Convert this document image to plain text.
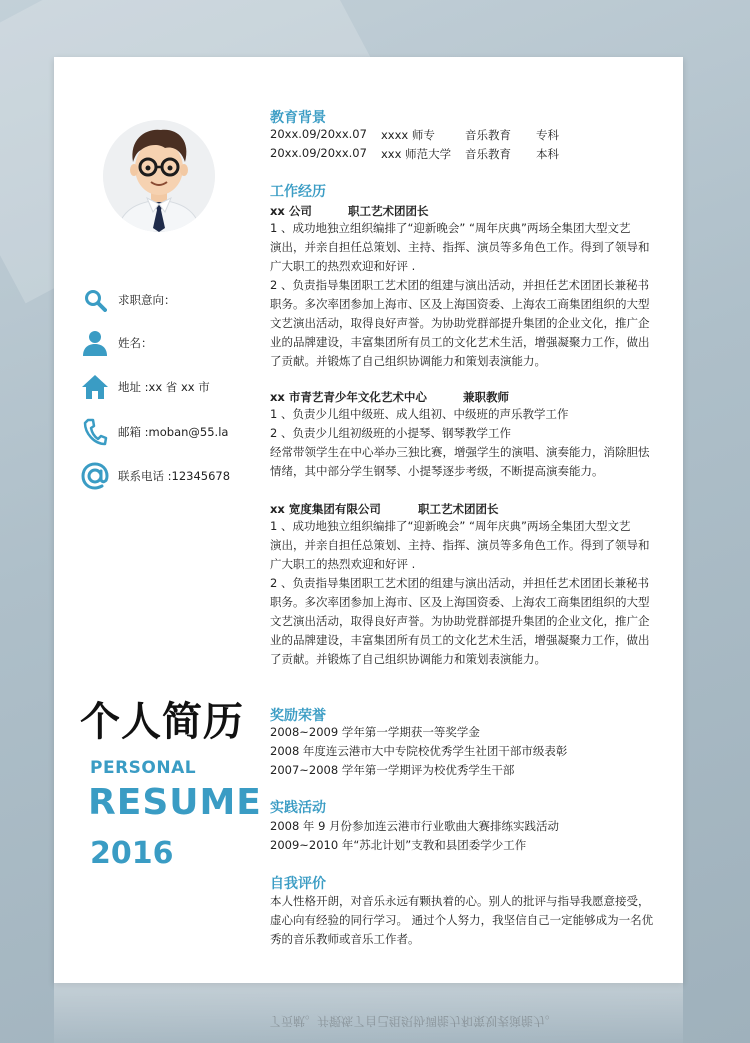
求职意向：
姓名：
地址 :xx 省 xx 市
邮箱 :moban@55.la
联系电话 :12345678
个人简历
PERSONAL
RESUME
2016
教育背景
20xx.09/20xx.07 xxxx 师专	音乐教育 专科
20xx.09/20xx.07 xxx 师范大学 音乐教育 本科
工作经历
xx 公司	职工艺术团团长
1 、成功地独立组织编排了“迎新晚会” “周年庆典”两场全集团大型文艺
演出，并亲自担任总策划、主持、指挥、演员等多角色工作。得到了领导和
广大职工的热烈欢迎和好评 .
2 、负责指导集团职工艺术团的组建与演出活动，并担任艺术团团长兼秘书
职务。多次率团参加上海市、区及上海国资委、上海农工商集团组织的大型
文艺演出活动，取得良好声誉。为协助党群部提升集团的企业文化，推广企
业的品牌建设，丰富集团所有员工的文化艺术生活，增强凝聚力工作，做出
了贡献。并锻炼了自己组织协调能力和策划表演能力。
xx 市青艺青少年文化艺术中心	兼职教师
1 、负责少儿组中级班、成人组初、中级班的声乐教学工作
2 、负责少儿组初级班的小提琴、钢琴教学工作
经常带领学生在中心举办三独比赛，增强学生的演唱、演奏能力，消除胆怯
情绪，其中部分学生钢琴、小提琴逐步考级，不断提高演奏能力。
xx 宽度集团有限公司	职工艺术团团长
1 、成功地独立组织编排了“迎新晚会” “周年庆典”两场全集团大型文艺
演出，并亲自担任总策划、主持、指挥、演员等多角色工作。得到了领导和
广大职工的热烈欢迎和好评 .
2 、负责指导集团职工艺术团的组建与演出活动，并担任艺术团团长兼秘书
职务。多次率团参加上海市、区及上海国资委、上海农工商集团组织的大型
文艺演出活动，取得良好声誉。为协助党群部提升集团的企业文化，推广企
业的品牌建设，丰富集团所有员工的文化艺术生活，增强凝聚力工作，做出
了贡献。并锻炼了自己组织协调能力和策划表演能力。
奖励荣誉
2008~2009 学年第一学期获一等奖学金
2008 年度连云港市大中专院校优秀学生社团干部市级表彰
2007~2008 学年第一学期评为校优秀学生干部
实践活动
2008 年 9 月份参加连云港市行业歌曲大赛排练实践活动
2009~2010 年“苏北计划”支教和县团委学少工作
自我评价
本人性格开朗，对音乐永远有颗执着的心。别人的批评与指导我愿意接受，
虚心向有经验的同行学习。 通过个人努力，我坚信自己一定能够成为一名优
秀的音乐教师或音乐工作者。
了贡献。并锻炼了自己组织协调能力和策划表演能力。
